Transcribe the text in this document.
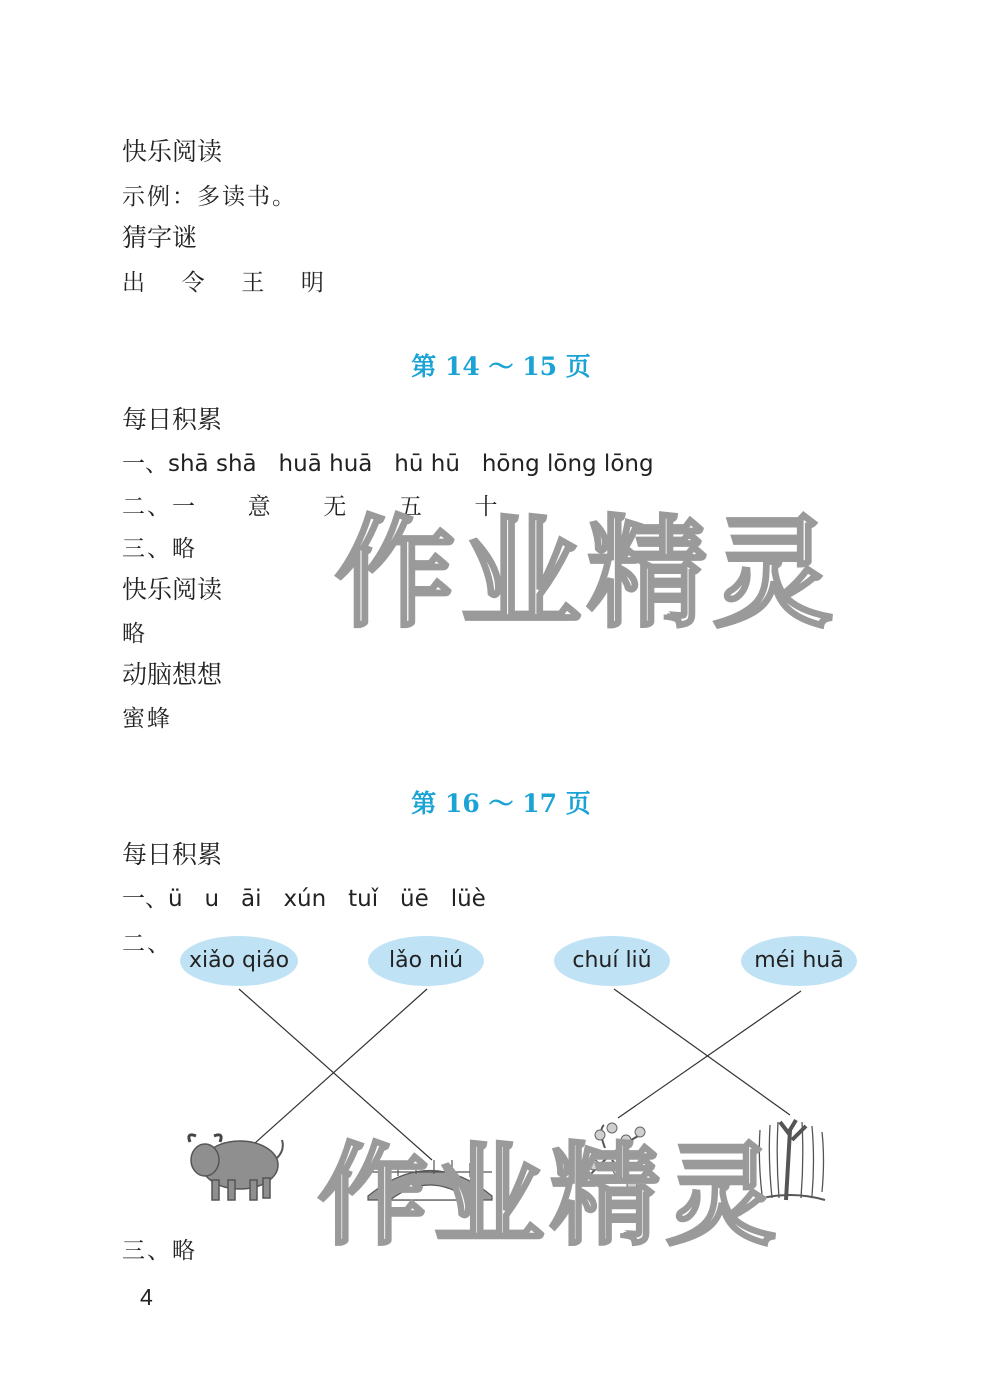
快乐阅读
示例：多读书。
猜字谜
出  令  王  明
第 14 ～ 15 页
每日积累
一、shā shā   huā huā   hū hū   hōng lōng lōng
二、一  意  无  五  十
三、略
快乐阅读
略
动脑想想
蜜蜂
作业精灵
第 16 ～ 17 页
每日积累
一、ü   u   āi   xún   tuǐ   üē   lüè
二、
xiǎo qiáo	lǎo niú	chuí liǔ	méi huā
作业精灵
三、略
4
